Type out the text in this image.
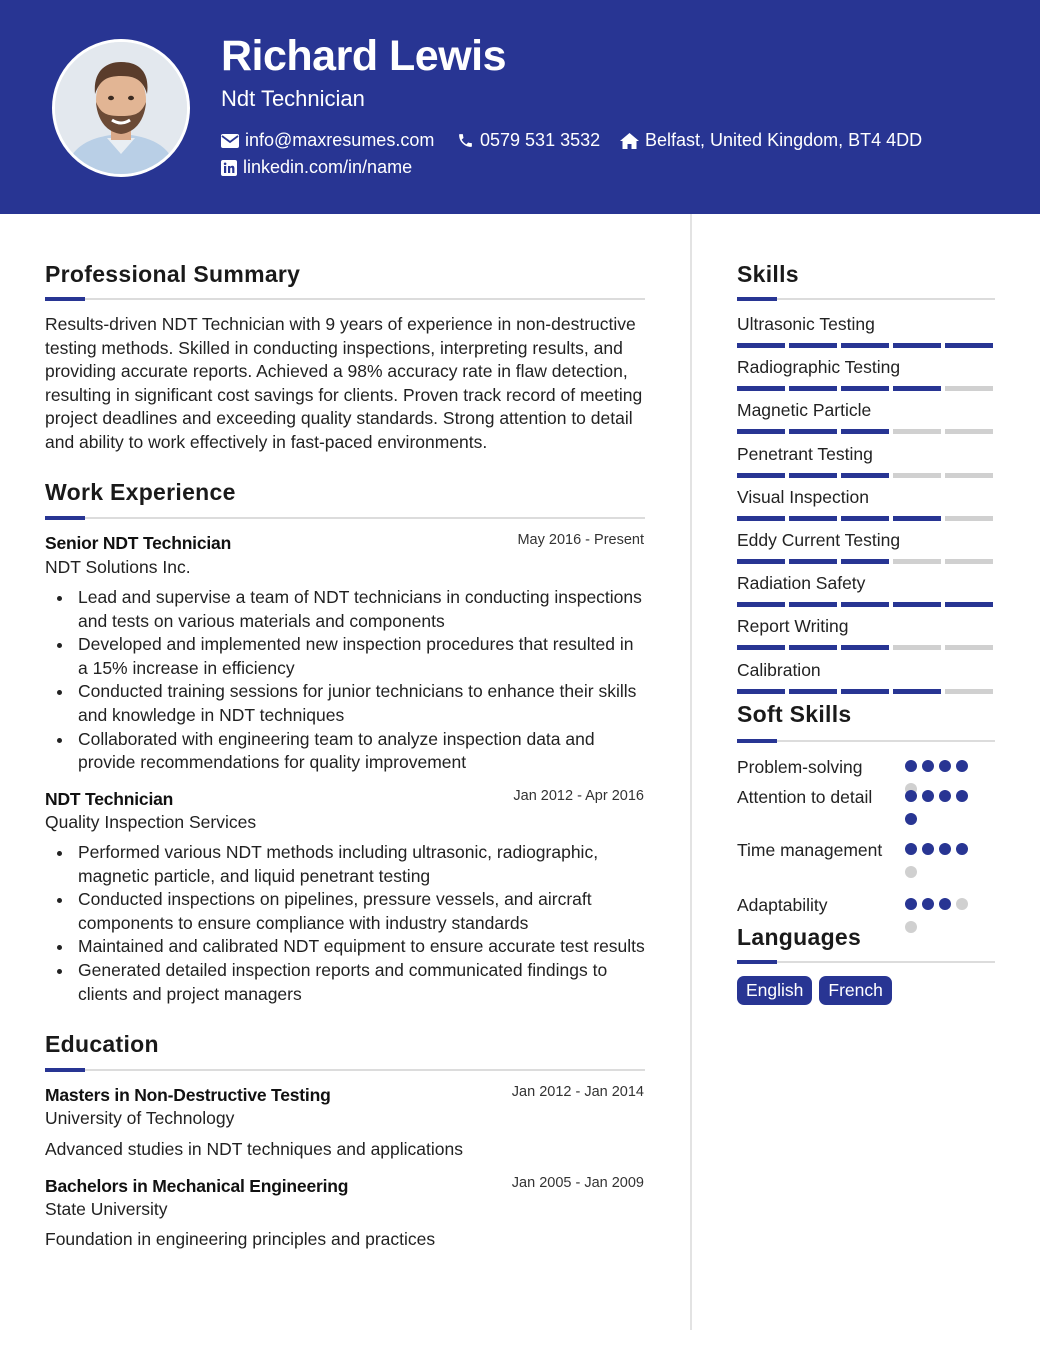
Richard Lewis
Ndt Technician
info@maxresumes.com	0579 531 3532 Belfast, United Kingdom, BT4 4DD
linkedin.com/in/name
Professional Summary
Results-driven NDT Technician with 9 years of experience in non-destructive testing methods. Skilled in conducting inspections, interpreting results, and providing accurate reports. Achieved a 98% accuracy rate in flaw detection, resulting in significant cost savings for clients. Proven track record of meeting project deadlines and exceeding quality standards. Strong attention to detail and ability to work effectively in fast-paced environments.
Work Experience
Senior NDT Technician	May 2016 - Present
NDT Solutions Inc.
Lead and supervise a team of NDT technicians in conducting inspections and tests on various materials and components
Developed and implemented new inspection procedures that resulted in a 15% increase in efficiency
Conducted training sessions for junior technicians to enhance their skills and knowledge in NDT techniques
Collaborated with engineering team to analyze inspection data and provide recommendations for quality improvement
NDT Technician	Jan 2012 - Apr 2016
Quality Inspection Services
Performed various NDT methods including ultrasonic, radiographic, magnetic particle, and liquid penetrant testing
Conducted inspections on pipelines, pressure vessels, and aircraft components to ensure compliance with industry standards
Maintained and calibrated NDT equipment to ensure accurate test results
Generated detailed inspection reports and communicated findings to clients and project managers
Education
Masters in Non-Destructive Testing	Jan 2012 - Jan 2014
University of Technology
Advanced studies in NDT techniques and applications
Bachelors in Mechanical Engineering	Jan 2005 - Jan 2009
State University
Foundation in engineering principles and practices
Skills
Ultrasonic Testing
Radiographic Testing
Magnetic Particle
Penetrant Testing
Visual Inspection
Eddy Current Testing
Radiation Safety
Report Writing
Calibration
Soft Skills
Problem-solving
Attention to detail
Time management
Adaptability
Languages
English	French
